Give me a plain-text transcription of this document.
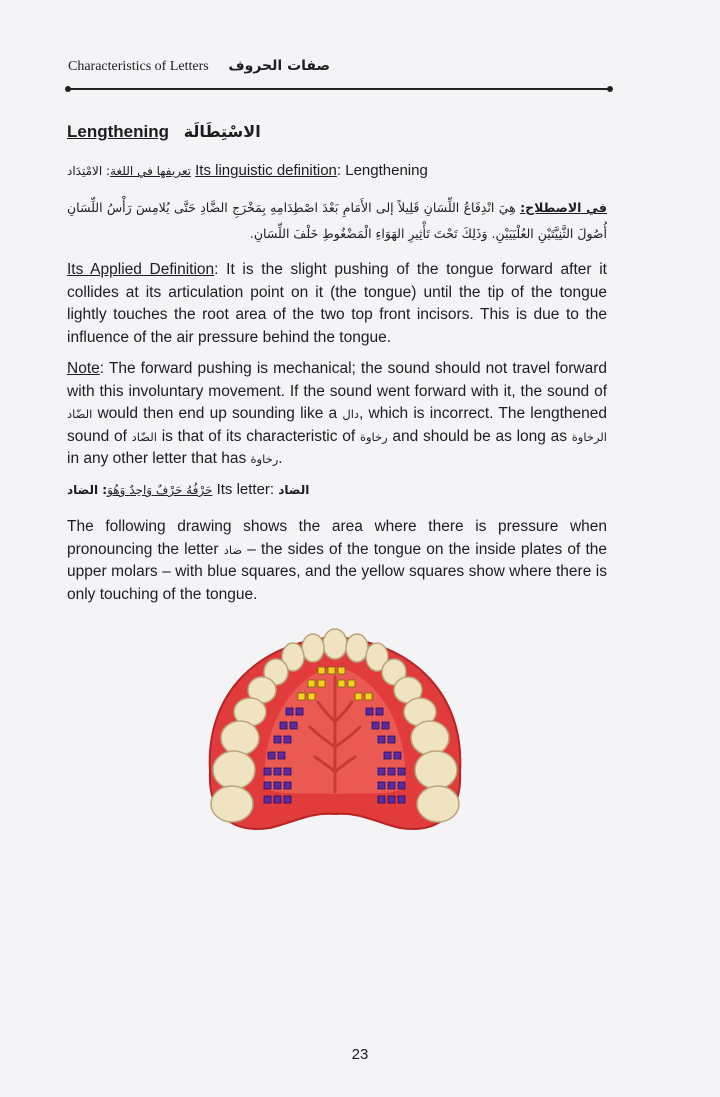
Characteristics of Letters صفات الحروف
Lengthening الاسْتِطَالَة
تعريفها في اللغة: الامْتِدَاد	Its linguistic definition: Lengthening
في الاصطلاح: هِيَ انْدِفَاعُ اللِّسَانِ قَلِيلاً إلى الأَمَامِ بَعْدَ اصْطِدَامِهِ بِمَخْرَجِ الضَّادِ حَتَّى يُلامِسَ رَأْسُ اللِّسَانِ أُصُولَ الثَّنِيَّتَيْنِ العُلْيَيَيْنِ. وَذَلِكَ تَحْتَ تَأْثِيرِ الهَوَاءِ الْمَضْغُوطِ خَلْفَ اللِّسَانِ.
Its Applied Definition: It is the slight pushing of the tongue forward after it collides at its articulation point on it (the tongue) until the tip of the tongue lightly touches the root area of the two top front incisors. This is due to the influence of the air pressure behind the tongue.
Note: The forward pushing is mechanical; the sound should not travel forward with this involuntary movement. If the sound went forward with it, the sound of الضّاد would then end up sounding like a دال, which is incorrect. The lengthened sound of الضّاد is that of its characteristic of رخاوة and should be as long as الرخاوة in any other letter that has رخاوة.
حَرْفُهُ حَرْفٌ وَاحِدٌ وَهُوَ: الضاد	Its letter: الضاد
The following drawing shows the area where there is pressure when pronouncing the letter ضاد – the sides of the tongue on the inside plates of the upper molars – with blue squares, and the yellow squares show where there is only touching of the tongue.
23
